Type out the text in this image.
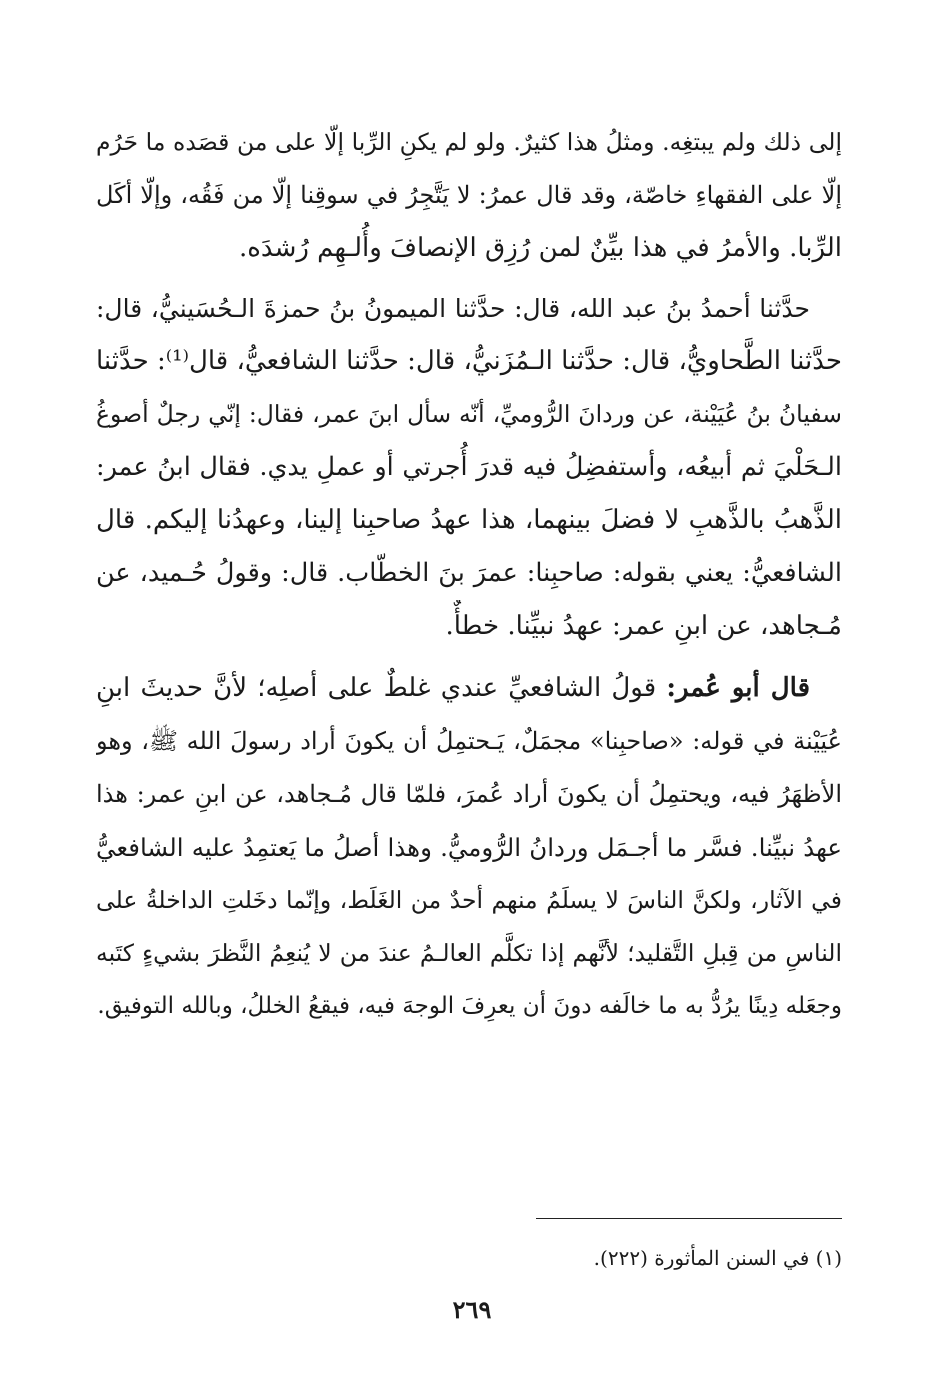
إلى ذلك ولم يبتغِه. ومثلُ هذا كثيرٌ. ولو لم يكنِ الرِّبا إلّا على من قصَده ما حَرُم
إلّا على الفقهاءِ خاصّة، وقد قال عمرُ: لا يَتَّجِرُ في سوقِنا إلّا من فَقُه، وإلّا أكَل
الرِّبا. والأمرُ في هذا بيِّنٌ لمن رُزِق الإنصافَ وأُلـهِم رُشدَه.
حدَّثنا أحمدُ بنُ عبد الله، قال: حدَّثنا الميمونُ بنُ حمزةَ الـحُسَينيُّ، قال:
حدَّثنا الطَّحاويُّ، قال: حدَّثنا الـمُزَنيُّ، قال: حدَّثنا الشافعيُّ، قال⁽¹⁾: حدَّثنا
سفيانُ بنُ عُيَيْنة، عن وردانَ الرُّوميِّ، أنّه سأل ابنَ عمر، فقال: إنّي رجلٌ أصوغُ
الـحَلْيَ ثم أبيعُه، وأستفضِلُ فيه قدرَ أُجرتي أو عملِ يدي. فقال ابنُ عمر:
الذَّهبُ بالذَّهبِ لا فضلَ بينهما، هذا عهدُ صاحبِنا إلينا، وعهدُنا إليكم. قال
الشافعيُّ: يعني بقوله: صاحبِنا: عمرَ بنَ الخطّاب. قال: وقولُ حُـميد، عن
مُـجاهد، عن ابنِ عمر: عهدُ نبيِّنا. خطأٌ.
قال أبو عُمر: قولُ الشافعيِّ عندي غلطٌ على أصلِه؛ لأنَّ حديثَ ابنِ
عُيَيْنة في قوله: «صاحبِنا» مجمَلٌ، يَـحتمِلُ أن يكونَ أراد رسولَ الله ﷺ، وهو
الأظهَرُ فيه، ويحتمِلُ أن يكونَ أراد عُمرَ، فلمّا قال مُـجاهد، عن ابنِ عمر: هذا
عهدُ نبيِّنا. فسَّر ما أجـمَل وردانُ الرُّوميُّ. وهذا أصلُ ما يَعتمِدُ عليه الشافعيُّ
في الآثار، ولكنَّ الناسَ لا يسلَمُ منهم أحدٌ من الغَلَط، وإنّما دخَلتِ الداخلةُ على
الناسِ من قِبلِ التَّقليد؛ لأنَّهم إذا تكلَّم العالـمُ عندَ من لا يُنعِمُ النَّظرَ بشيءٍ كتَبه
وجعَله دِينًا يرُدُّ به ما خالَفه دونَ أن يعرِفَ الوجهَ فيه، فيقعُ الخللُ، وبالله التوفيق.
(١) في السنن المأثورة (٢٢٢).
٢٦٩
